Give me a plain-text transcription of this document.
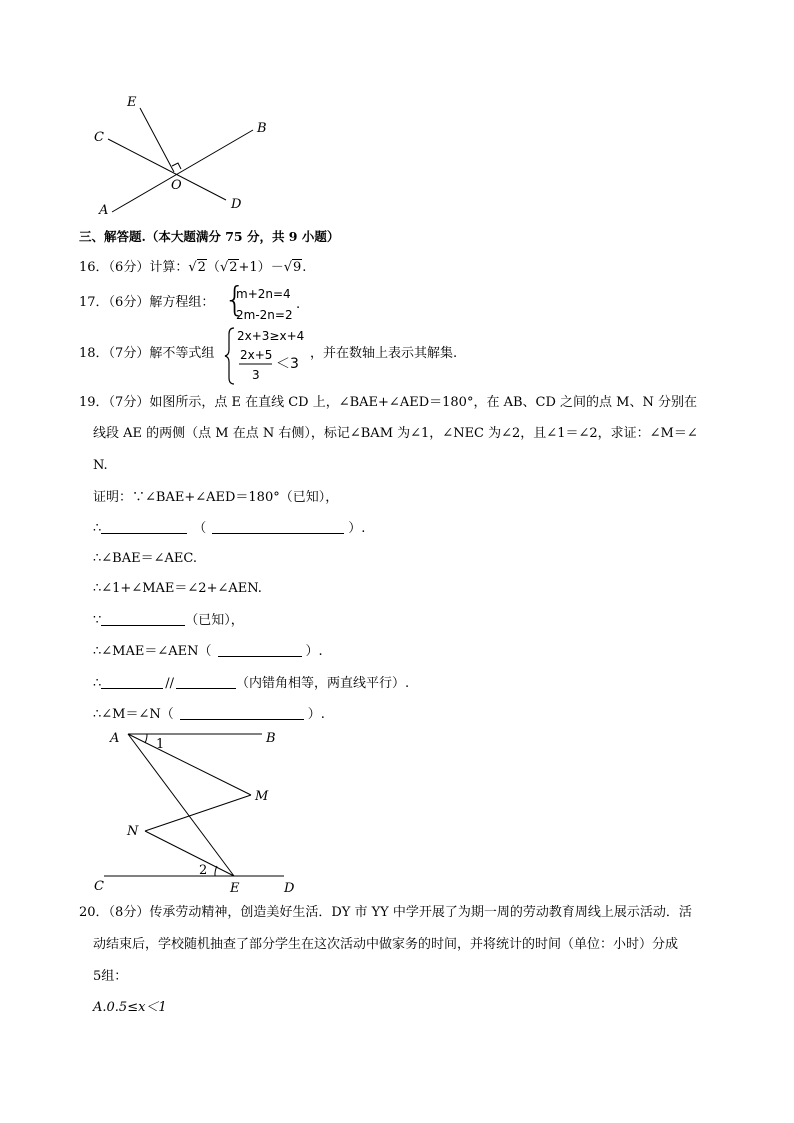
E
C
B
O
A	D
三、解答题.（本大题满分 75 分，共 9 小题）
16．（6分）计算：√2（√2+1）－√9.
17．（6分）解方程组： {
m+2n=4
2m-2n=2
.
18．（7分）解不等式组
2x+3≥x+4
2x+5
3
＜3
，并在数轴上表示其解集.
19．（7分）如图所示，点 E 在直线 CD 上，∠BAE+∠AED＝180°，在 AB、CD 之间的点 M、N 分别在
线段 AE 的两侧（点 M 在点 N 右侧），标记∠BAM 为∠1，∠NEC 为∠2，且∠1＝∠2，求证：∠M＝∠
N.
证明：∵∠BAE+∠AED＝180°（已知），
∴	（	）.
∴∠BAE＝∠AEC.
∴∠1+∠MAE＝∠2+∠AEN.
∵	（已知），
∴∠MAE＝∠AEN（	）.
∴	//	（内错角相等，两直线平行）.
∴∠M＝∠N（	）.
A	B
1
M
N
2
C	E	D
20．（8分）传承劳动精神，创造美好生活．DY 市 YY 中学开展了为期一周的劳动教育周线上展示活动．活
动结束后，学校随机抽查了部分学生在这次活动中做家务的时间，并将统计的时间（单位：小时）分成
5组：
A.0.5≤x＜1
